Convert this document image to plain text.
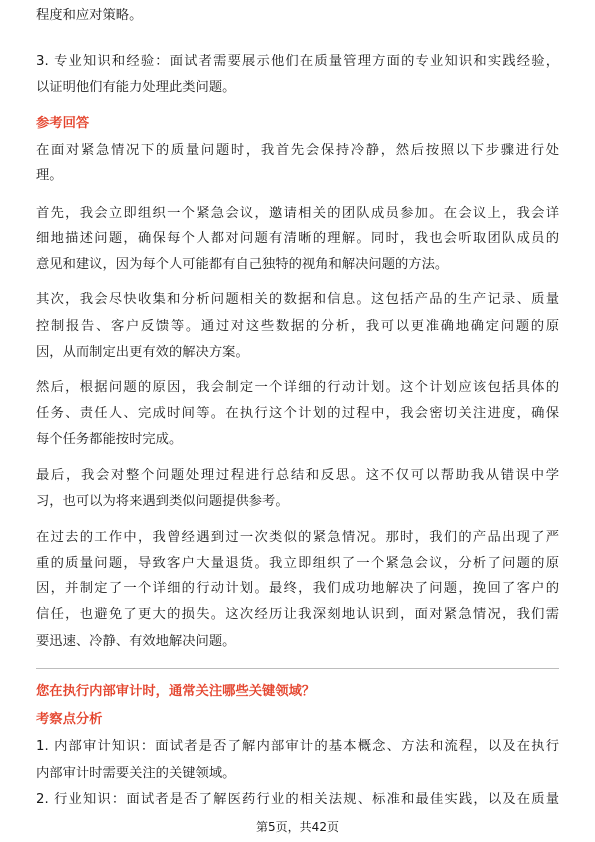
程度和应对策略。
3. 专业知识和经验：面试者需要展示他们在质量管理方面的专业知识和实践经验，
以证明他们有能力处理此类问题。
参考回答
在面对紧急情况下的质量问题时，我首先会保持冷静，然后按照以下步骤进行处
理。
首先，我会立即组织一个紧急会议，邀请相关的团队成员参加。在会议上，我会详
细地描述问题，确保每个人都对问题有清晰的理解。同时，我也会听取团队成员的
意见和建议，因为每个人可能都有自己独特的视角和解决问题的方法。
其次，我会尽快收集和分析问题相关的数据和信息。这包括产品的生产记录、质量
控制报告、客户反馈等。通过对这些数据的分析，我可以更准确地确定问题的原
因，从而制定出更有效的解决方案。
然后，根据问题的原因，我会制定一个详细的行动计划。这个计划应该包括具体的
任务、责任人、完成时间等。在执行这个计划的过程中，我会密切关注进度，确保
每个任务都能按时完成。
最后，我会对整个问题处理过程进行总结和反思。这不仅可以帮助我从错误中学
习，也可以为将来遇到类似问题提供参考。
在过去的工作中，我曾经遇到过一次类似的紧急情况。那时，我们的产品出现了严
重的质量问题，导致客户大量退货。我立即组织了一个紧急会议，分析了问题的原
因，并制定了一个详细的行动计划。最终，我们成功地解决了问题，挽回了客户的
信任，也避免了更大的损失。这次经历让我深刻地认识到，面对紧急情况，我们需
要迅速、冷静、有效地解决问题。
您在执行内部审计时，通常关注哪些关键领域？
考察点分析
1. 内部审计知识：面试者是否了解内部审计的基本概念、方法和流程，以及在执行
内部审计时需要关注的关键领域。
2. 行业知识：面试者是否了解医药行业的相关法规、标准和最佳实践，以及在质量
第5页，共42页
